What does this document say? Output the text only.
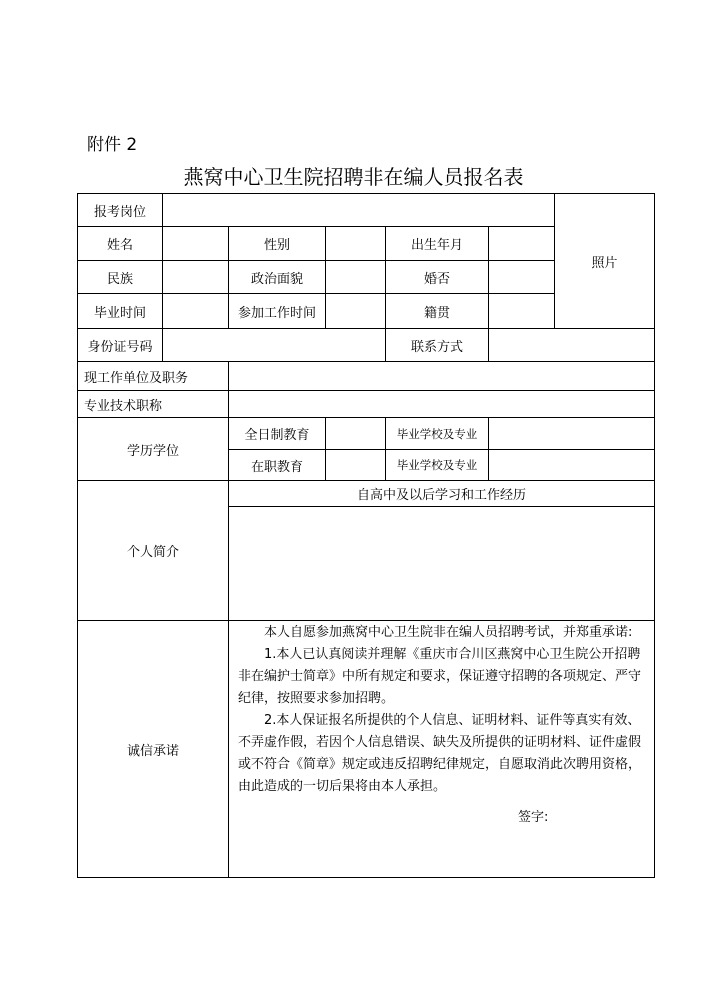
附件 2
燕窝中心卫生院招聘非在编人员报名表
报考岗位
照片
姓名	性别	出生年月
民族	政治面貌	婚否
毕业时间	参加工作时间	籍贯
身份证号码	联系方式
现工作单位及职务
专业技术职称
学历学位
全日制教育	毕业学校及专业
在职教育	毕业学校及专业
个人简介
自高中及以后学习和工作经历
诚信承诺

本人自愿参加燕窝中心卫生院非在编人员招聘考试，并郑重承诺:

1.本人已认真阅读并理解《重庆市合川区燕窝中心卫生院公开招聘非在编护士简章》中所有规定和要求，保证遵守招聘的各项规定、严守纪律，按照要求参加招聘。

2.本人保证报名所提供的个人信息、证明材料、证件等真实有效、不弄虚作假，若因个人信息错误、缺失及所提供的证明材料、证件虚假或不符合《简章》规定或违反招聘纪律规定，自愿取消此次聘用资格，由此造成的一切后果将由本人承担。

签字:
